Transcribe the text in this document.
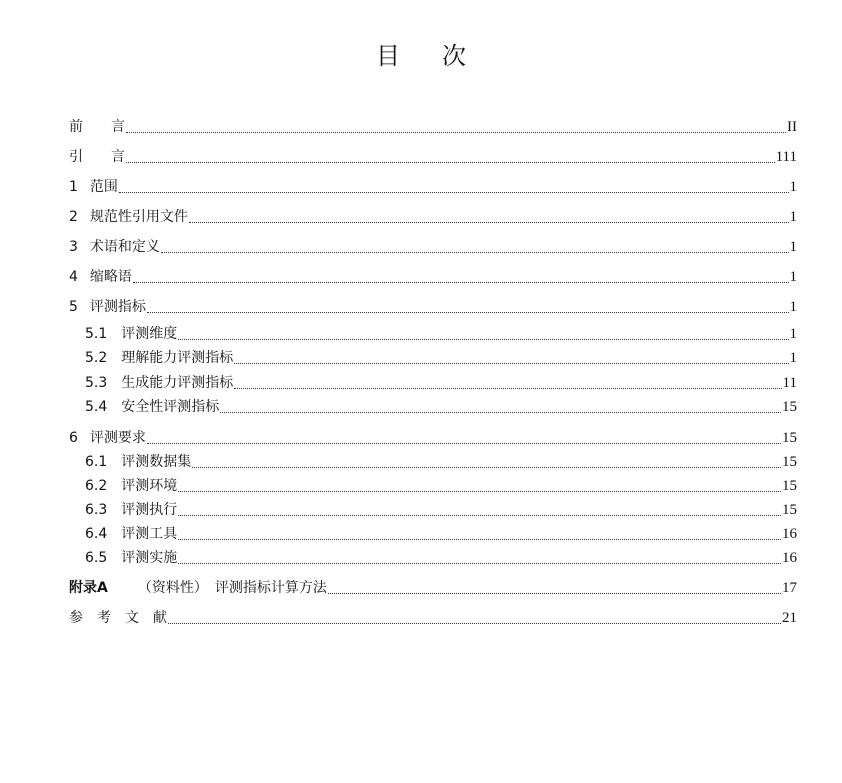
目 次
前　　言	II
引　　言	111
1 范围	1
2 规范性引用文件	1
3 术语和定义	1
4 缩略语	1
5 评测指标	1
5.1 评测维度	1
5.2 理解能力评测指标	1
5.3 生成能力评测指标	11
5.4 安全性评测指标	15
6 评测要求	15
6.1 评测数据集	15
6.2 评测环境	15
6.3 评测执行	15
6.4 评测工具	16
6.5 评测实施	16
附录A （资料性）　评测指标计算方法	17
参　考　文　献	21
